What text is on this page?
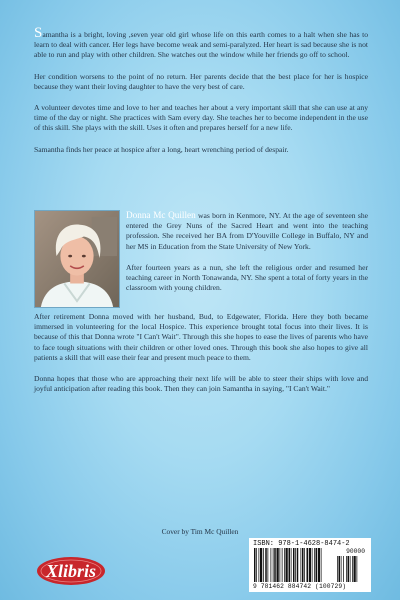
Samantha is a bright, loving ,seven year old girl whose life on this earth comes to a halt when she has to learn to deal with cancer. Her legs have become weak and semi-paralyzed. Her heart is sad because she is not able to run and play with other children. She watches out the window while her friends go off to school.

Her condition worsens to the point of no return. Her parents decide that the best place for her is hospice because they want their loving daughter to have the very best of care.

A volunteer devotes time and love to her and teaches her about a very important skill that she can use at any time of the day or night. She practices with Sam every day. She teaches her to become independent in the use of this skill. She plays with the skill. Uses it often and prepares herself for a new life.

Samantha finds her peace at hospice after a long, heart wrenching period of despair.

Donna Mc Quillen was born in Kenmore, NY. At the age of seventeen she entered the Grey Nuns of the Sacred Heart and went into the teaching profession. She received her BA from D'Youville College in Buffalo, NY and her MS in Education from the State University of New York.

After fourteen years as a nun, she left the religious order and resumed her teaching career in North Tonawanda, NY. She spent a total of forty years in the classroom with young children.

After retirement Donna moved with her husband, Bud, to Edgewater, Florida. Here they both became immersed in volunteering for the local Hospice. This experience brought total focus into their lives. It is because of this that Donna wrote "I Can't Wait". Through this she hopes to ease the lives of parents who have to face tough situations with their children or other loved ones. Through this book she also hopes to give all patients a skill that will ease their fear and present much peace to them.

Donna hopes that those who are approaching their next life will be able to steer their ships with love and joyful anticipation after reading this book. Then they can join Samantha in saying, "I Can't Wait."

Cover by Tim Mc Quillen
ISBN: 978-1-4628-8474-2
90000
9 781462 884742 (100729)
Xlibris
